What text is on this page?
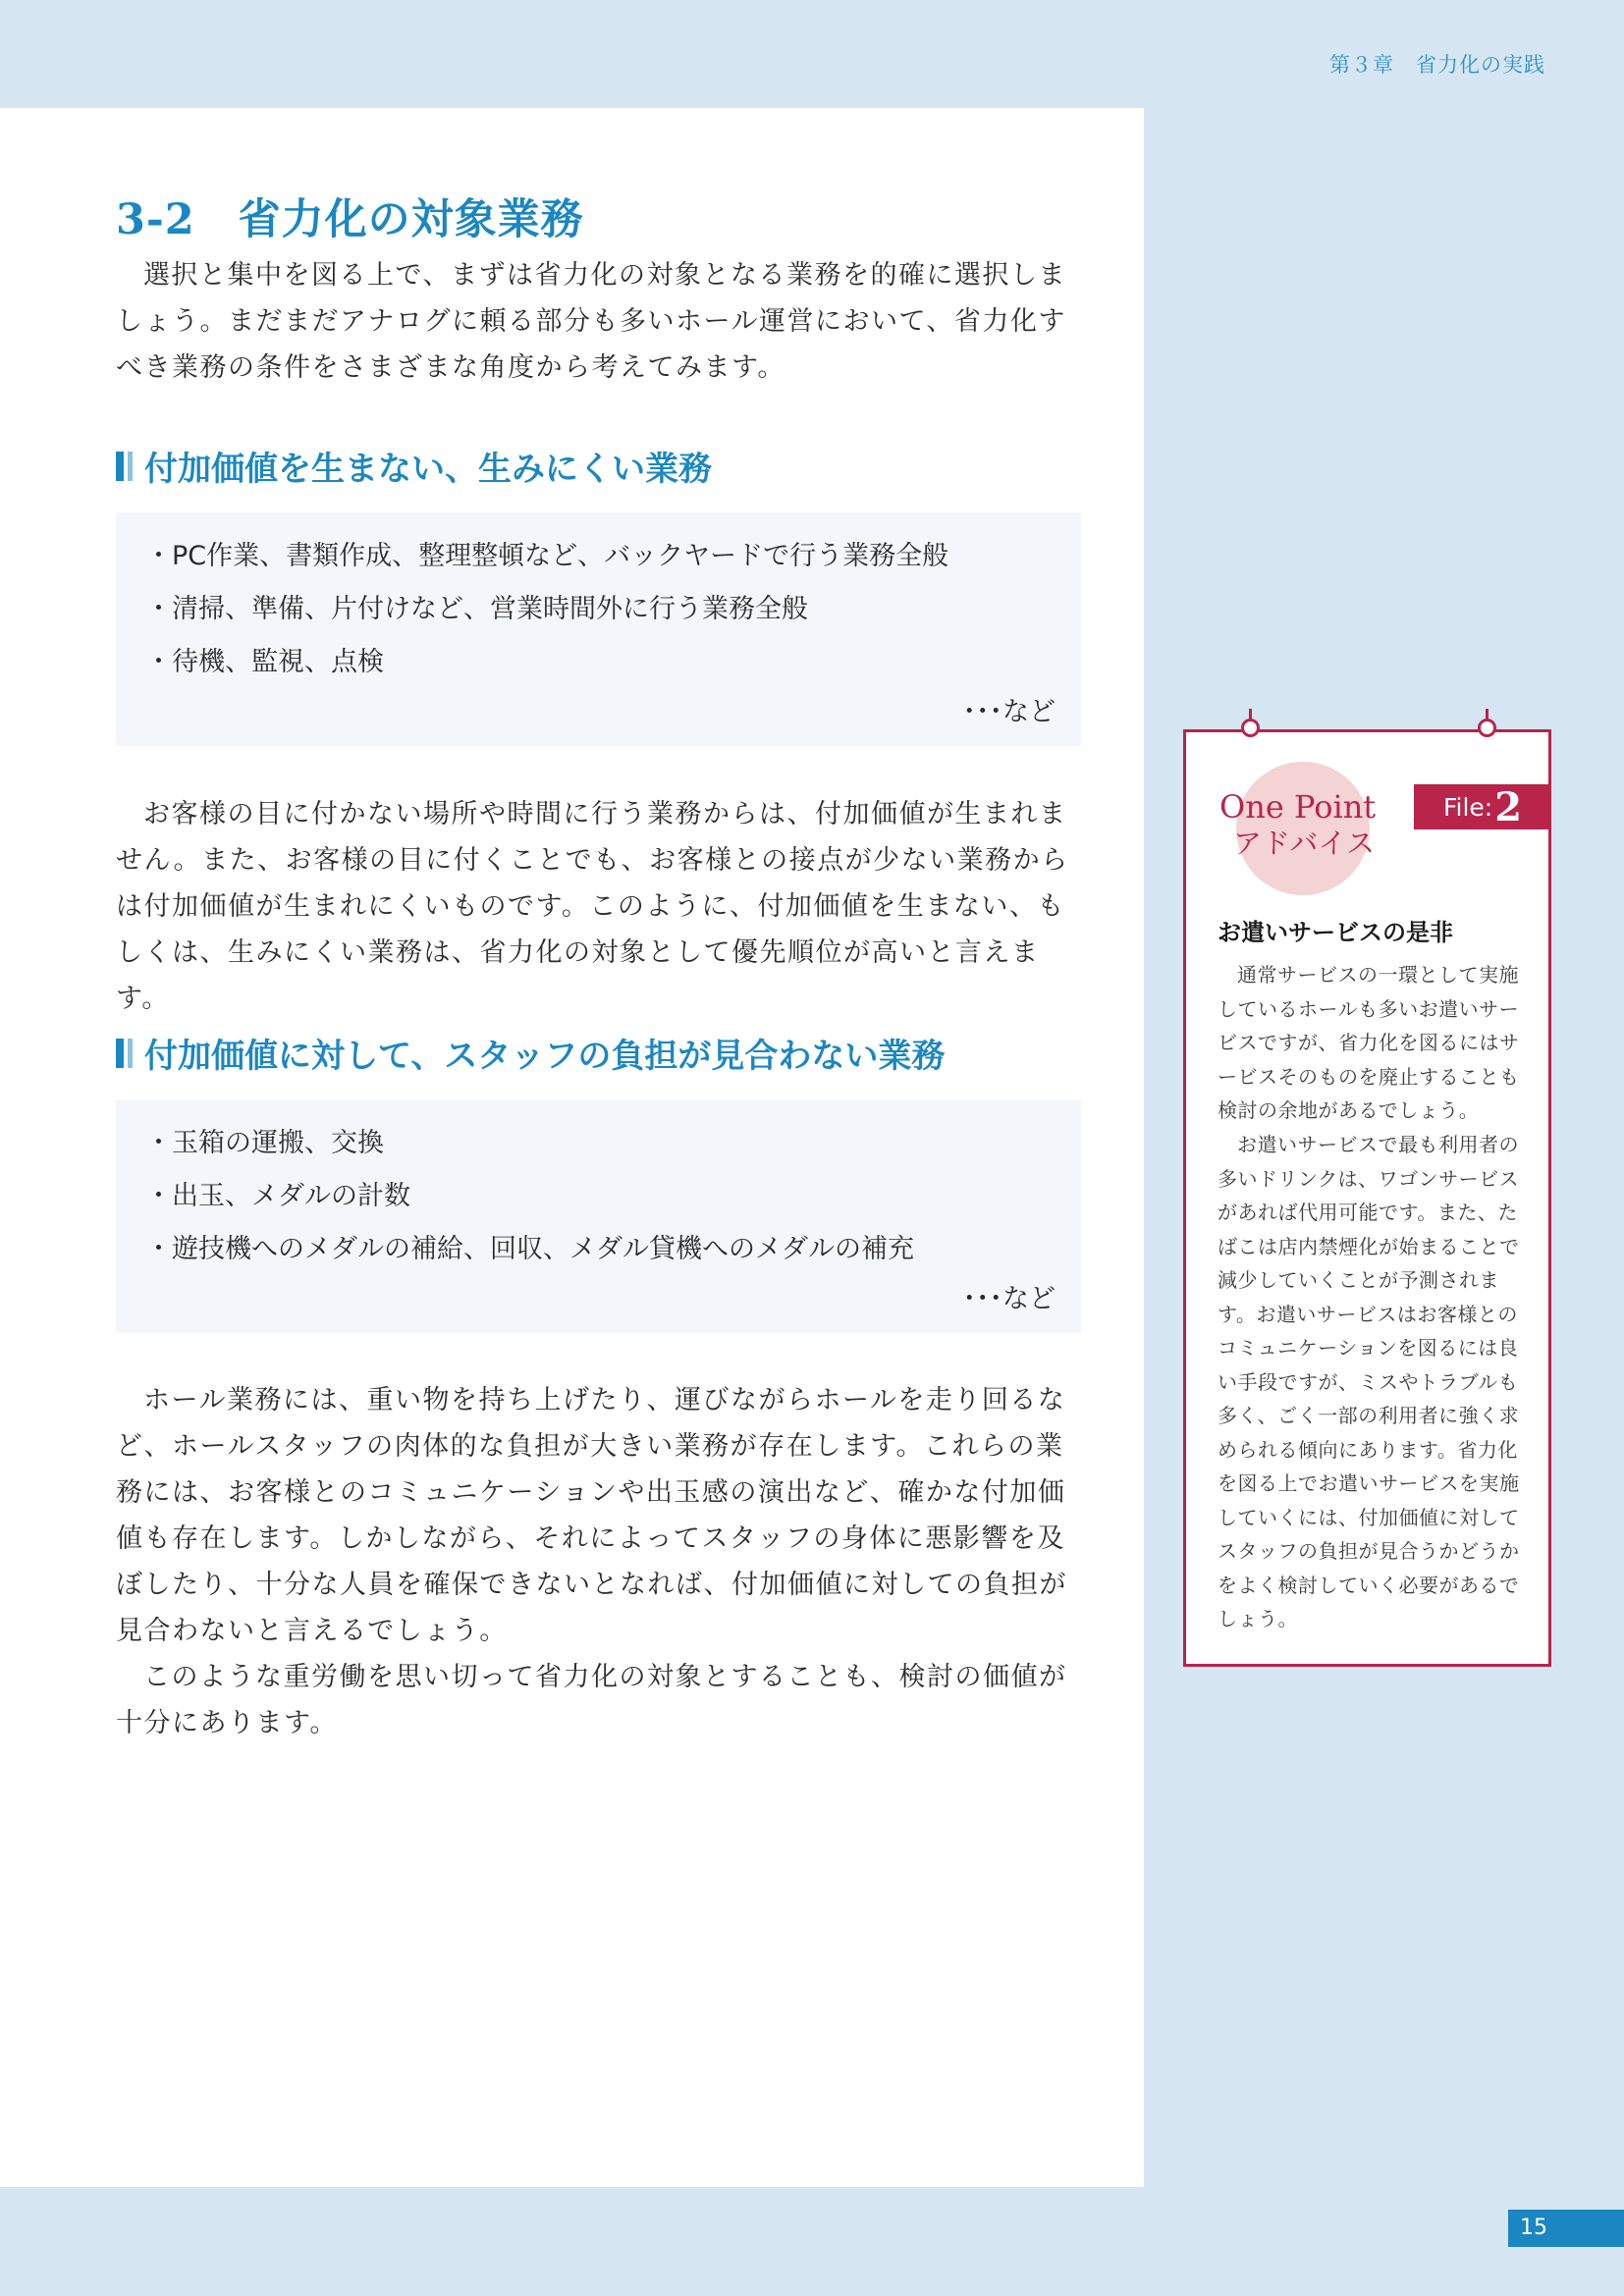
第３章　省力化の実践
3-2　省力化の対象業務

選択と集中を図る上で、まずは省力化の対象となる業務を的確に選択しましょう。まだまだアナログに頼る部分も多いホール運営において、省力化すべき業務の条件をさまざまな角度から考えてみます。

付加価値を生まない、生みにくい業務
・PC作業、書類作成、整理整頓など、バックヤードで行う業務全般
・清掃、準備、片付けなど、営業時間外に行う業務全般
・待機、監視、点検
･･･など

お客様の目に付かない場所や時間に行う業務からは、付加価値が生まれません。また、お客様の目に付くことでも、お客様との接点が少ない業務からは付加価値が生まれにくいものです。このように、付加価値を生まない、もしくは、生みにくい業務は、省力化の対象として優先順位が高いと言えます。

付加価値に対して、スタッフの負担が見合わない業務
・玉箱の運搬、交換
・出玉、メダルの計数
・遊技機へのメダルの補給、回収、メダル貸機へのメダルの補充
･･･など

ホール業務には、重い物を持ち上げたり、運びながらホールを走り回るなど、ホールスタッフの肉体的な負担が大きい業務が存在します。これらの業務には、お客様とのコミュニケーションや出玉感の演出など、確かな付加価値も存在します。しかしながら、それによってスタッフの身体に悪影響を及ぼしたり、十分な人員を確保できないとなれば、付加価値に対しての負担が見合わないと言えるでしょう。

このような重労働を思い切って省力化の対象とすることも、検討の価値が十分にあります。

One Point

アドバイス

File: 2

お遣いサービスの是非

通常サービスの一環として実施しているホールも多いお遣いサービスですが、省力化を図るにはサービスそのものを廃止することも検討の余地があるでしょう。

お遣いサービスで最も利用者の多いドリンクは、ワゴンサービスがあれば代用可能です。また、たばこは店内禁煙化が始まることで減少していくことが予測されます。お遣いサービスはお客様とのコミュニケーションを図るには良い手段ですが、ミスやトラブルも多く、ごく一部の利用者に強く求められる傾向にあります。省力化を図る上でお遣いサービスを実施していくには、付加価値に対してスタッフの負担が見合うかどうかをよく検討していく必要があるでしょう。

15
